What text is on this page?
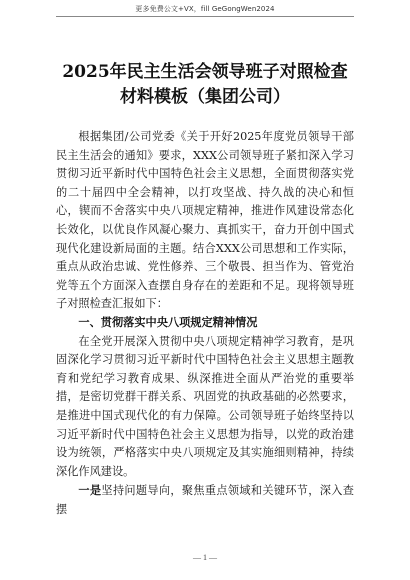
更多免费公文+VX，fill GeGongWen2024
2025年民主生活会领导班子对照检查材料模板（集团公司）

根据集团/公司党委《关于开好2025年度党员领导干部民主生活会的通知》要求，XXX公司领导班子紧扣深入学习贯彻习近平新时代中国特色社会主义思想，全面贯彻落实党的二十届四中全会精神，以打攻坚战、持久战的决心和恒心，锲而不舍落实中央八项规定精神，推进作风建设常态化长效化，以优良作风凝心聚力、真抓实干，奋力开创中国式现代化建设新局面的主题。结合XXX公司思想和工作实际，重点从政治忠诚、党性修养、三个敬畏、担当作为、管党治党等五个方面深入查摆自身存在的差距和不足。现将领导班子对照检查汇报如下：

一、贯彻落实中央八项规定精神情况

在全党开展深入贯彻中央八项规定精神学习教育，是巩固深化学习贯彻习近平新时代中国特色社会主义思想主题教育和党纪学习教育成果、纵深推进全面从严治党的重要举措，是密切党群干群关系、巩固党的执政基础的必然要求，是推进中国式现代化的有力保障。公司领导班子始终坚持以习近平新时代中国特色社会主义思想为指导，以党的政治建设为统领，严格落实中央八项规定及其实施细则精神，持续深化作风建设。

一是坚持问题导向，聚焦重点领域和关键环节，深入查摆

— 1 —
